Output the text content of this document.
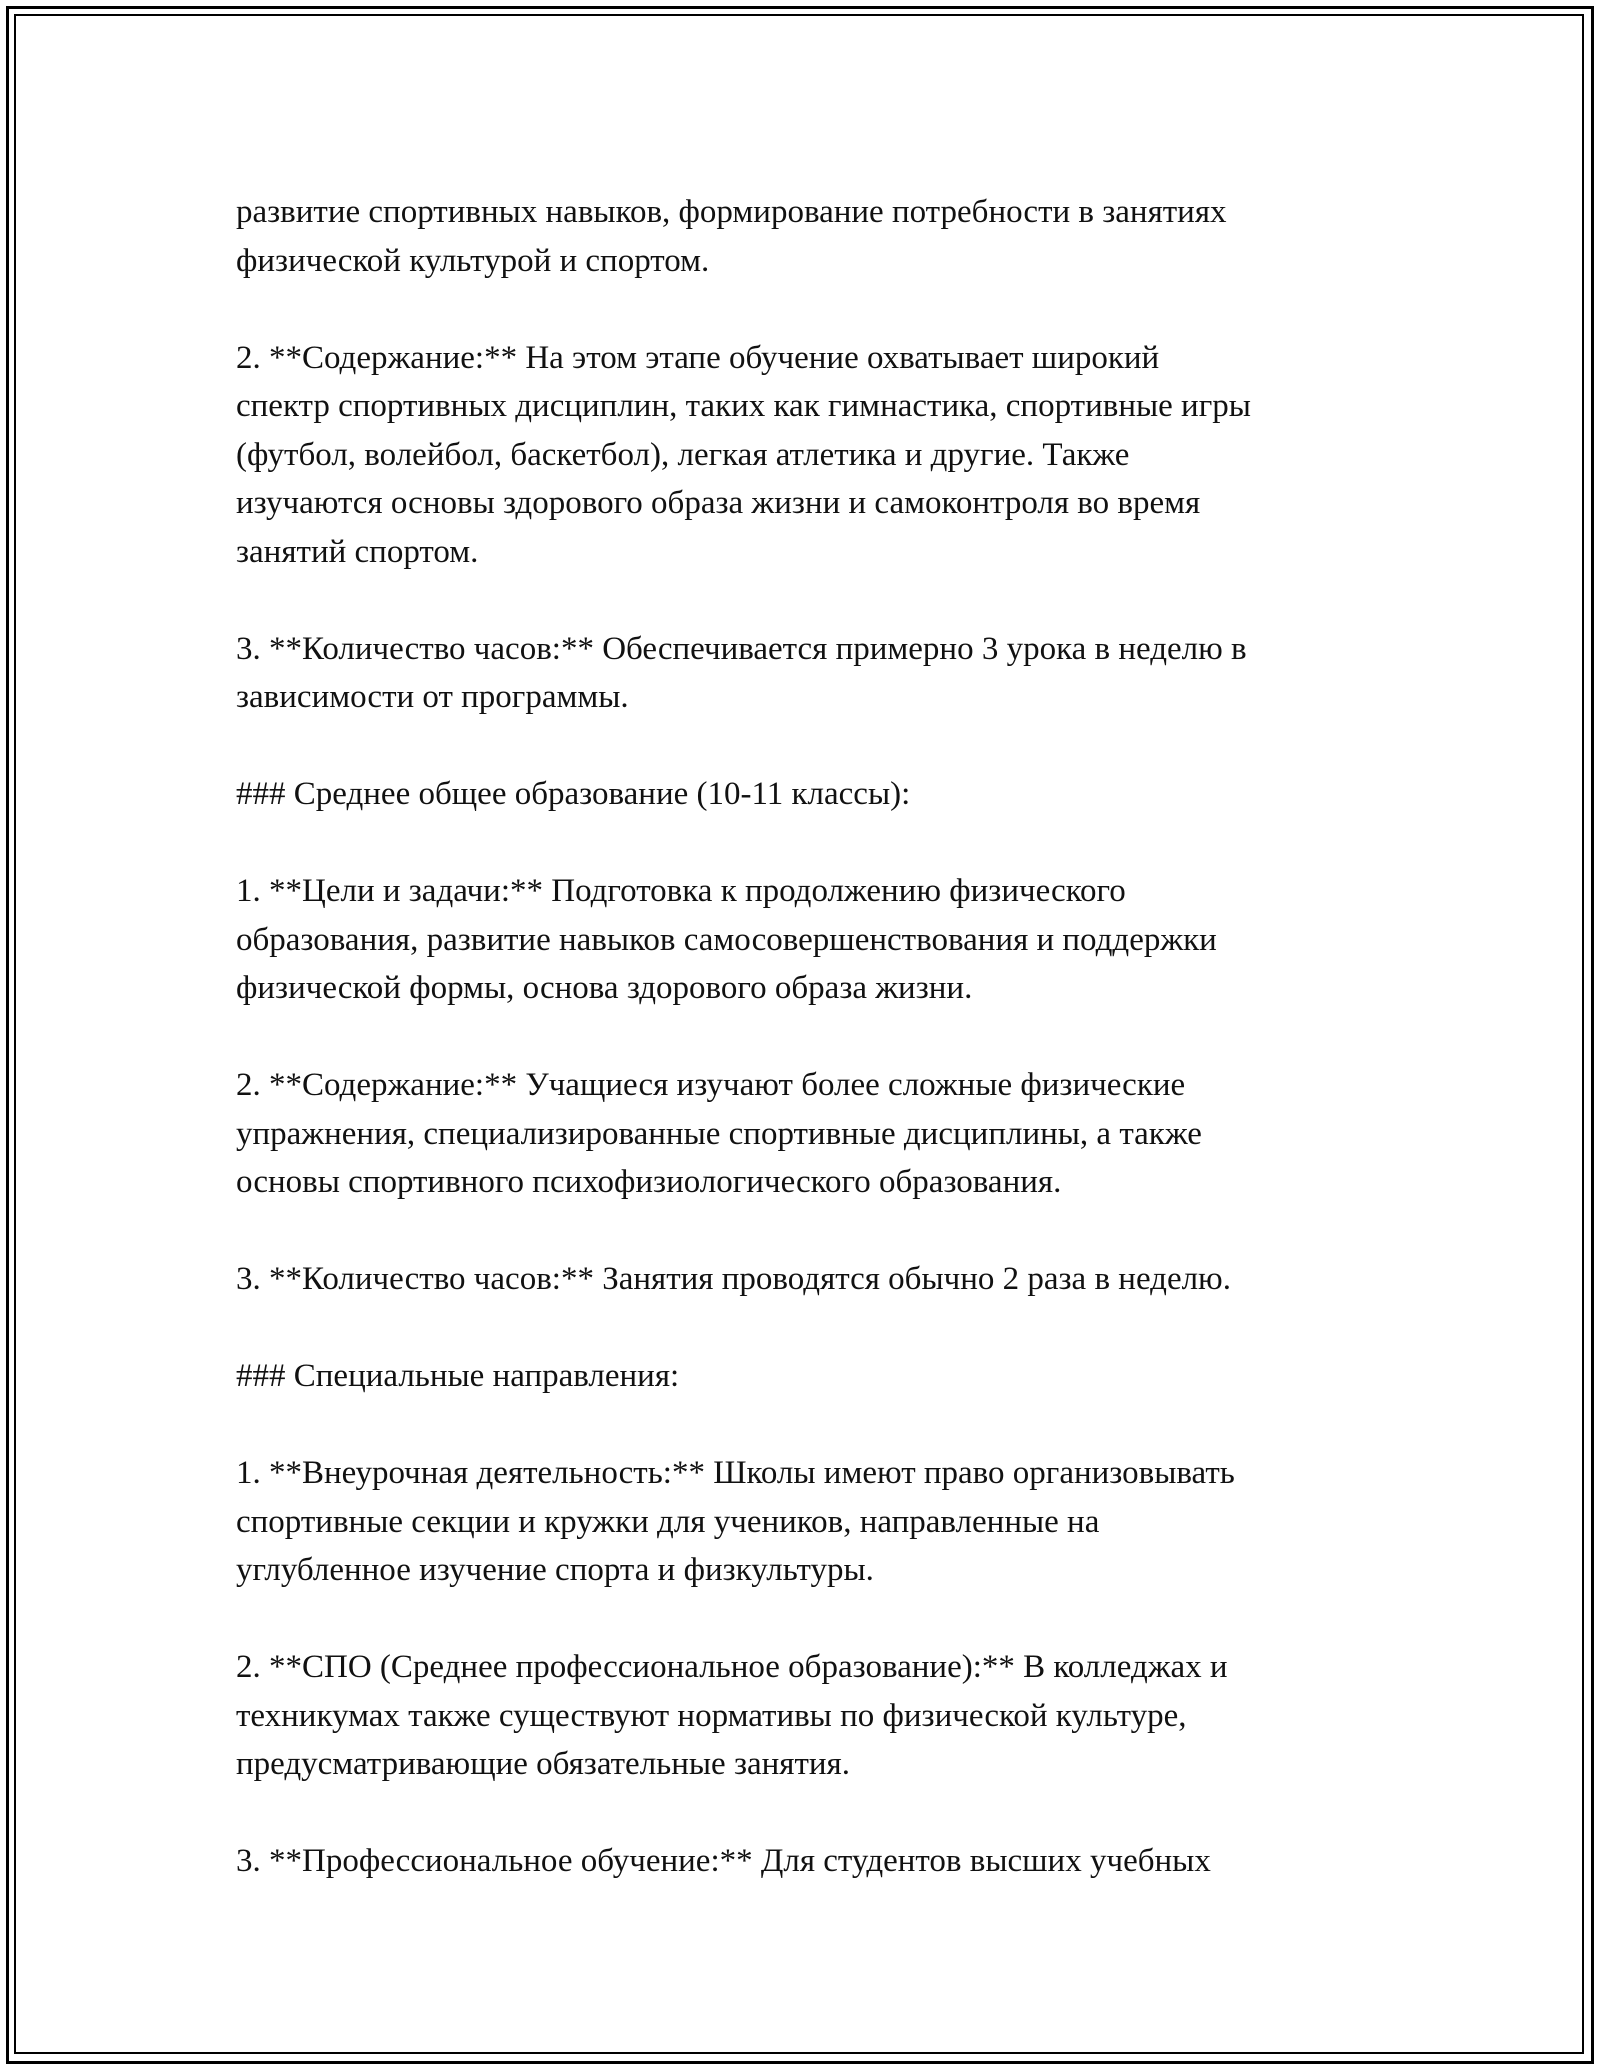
развитие спортивных навыков, формирование потребности в занятиях
физической культурой и спортом.
2. **Содержание:** На этом этапе обучение охватывает широкий
спектр спортивных дисциплин, таких как гимнастика, спортивные игры
(футбол, волейбол, баскетбол), легкая атлетика и другие. Также
изучаются основы здорового образа жизни и самоконтроля во время
занятий спортом.
3. **Количество часов:** Обеспечивается примерно 3 урока в неделю в
зависимости от программы.
### Среднее общее образование (10-11 классы):
1. **Цели и задачи:** Подготовка к продолжению физического
образования, развитие навыков самосовершенствования и поддержки
физической формы, основа здорового образа жизни.
2. **Содержание:** Учащиеся изучают более сложные физические
упражнения, специализированные спортивные дисциплины, а также
основы спортивного психофизиологического образования.
3. **Количество часов:** Занятия проводятся обычно 2 раза в неделю.
### Специальные направления:
1. **Внеурочная деятельность:** Школы имеют право организовывать
спортивные секции и кружки для учеников, направленные на
углубленное изучение спорта и физкультуры.
2. **СПО (Среднее профессиональное образование):** В колледжах и
техникумах также существуют нормативы по физической культуре,
предусматривающие обязательные занятия.
3. **Профессиональное обучение:** Для студентов высших учебных
